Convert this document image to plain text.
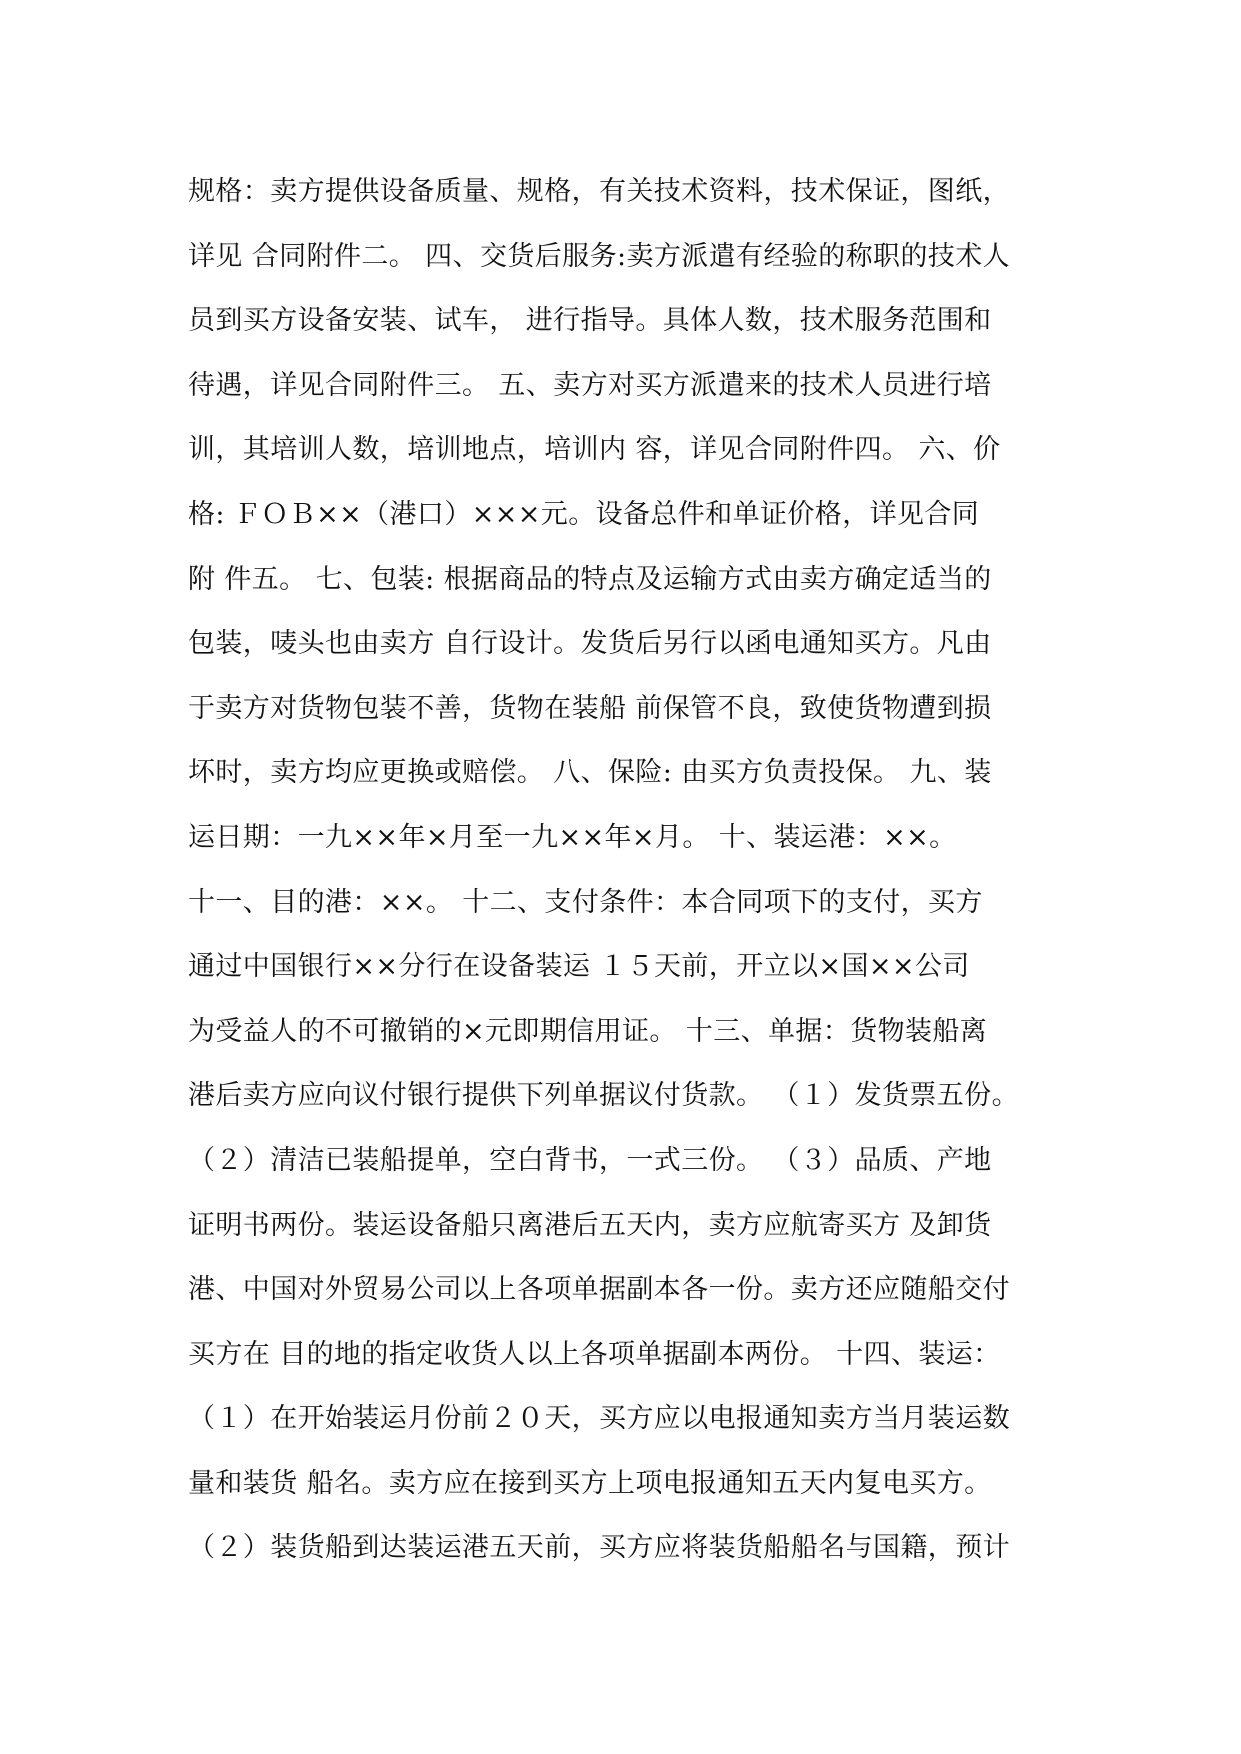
规格：卖方提供设备质量、规格，有关技术资料，技术保证，图纸，
详见 合同附件二。 四、交货后服务:卖方派遣有经验的称职的技术人
员到买方设备安装、试车， 进行指导。具体人数，技术服务范围和
待遇，详见合同附件三。 五、卖方对买方派遣来的技术人员进行培
训，其培训人数，培训地点，培训内 容，详见合同附件四。 六、价
格: ＦＯＢ××（港口）×××元。设备总件和单证价格，详见合同
附 件五。 七、包装: 根据商品的特点及运输方式由卖方确定适当的
包装，唛头也由卖方 自行设计。发货后另行以函电通知买方。凡由
于卖方对货物包装不善，货物在装船 前保管不良，致使货物遭到损
坏时，卖方均应更换或赔偿。 八、保险: 由买方负责投保。 九、装
运日期：一九××年×月至一九××年×月。 十、装运港：××。
十一、目的港：××。 十二、支付条件：本合同项下的支付，买方
通过中国银行××分行在设备装运 １５天前，开立以×国××公司
为受益人的不可撤销的×元即期信用证。 十三、单据：货物装船离
港后卖方应向议付银行提供下列单据议付货款。 （１）发货票五份。
（２）清洁已装船提单，空白背书，一式三份。 （３）品质、产地
证明书两份。装运设备船只离港后五天内，卖方应航寄买方 及卸货
港、中国对外贸易公司以上各项单据副本各一份。卖方还应随船交付
买方在 目的地的指定收货人以上各项单据副本两份。 十四、装运：
（１）在开始装运月份前２０天，买方应以电报通知卖方当月装运数
量和装货 船名。卖方应在接到买方上项电报通知五天内复电买方。
（２）装货船到达装运港五天前，买方应将装货船船名与国籍，预计
